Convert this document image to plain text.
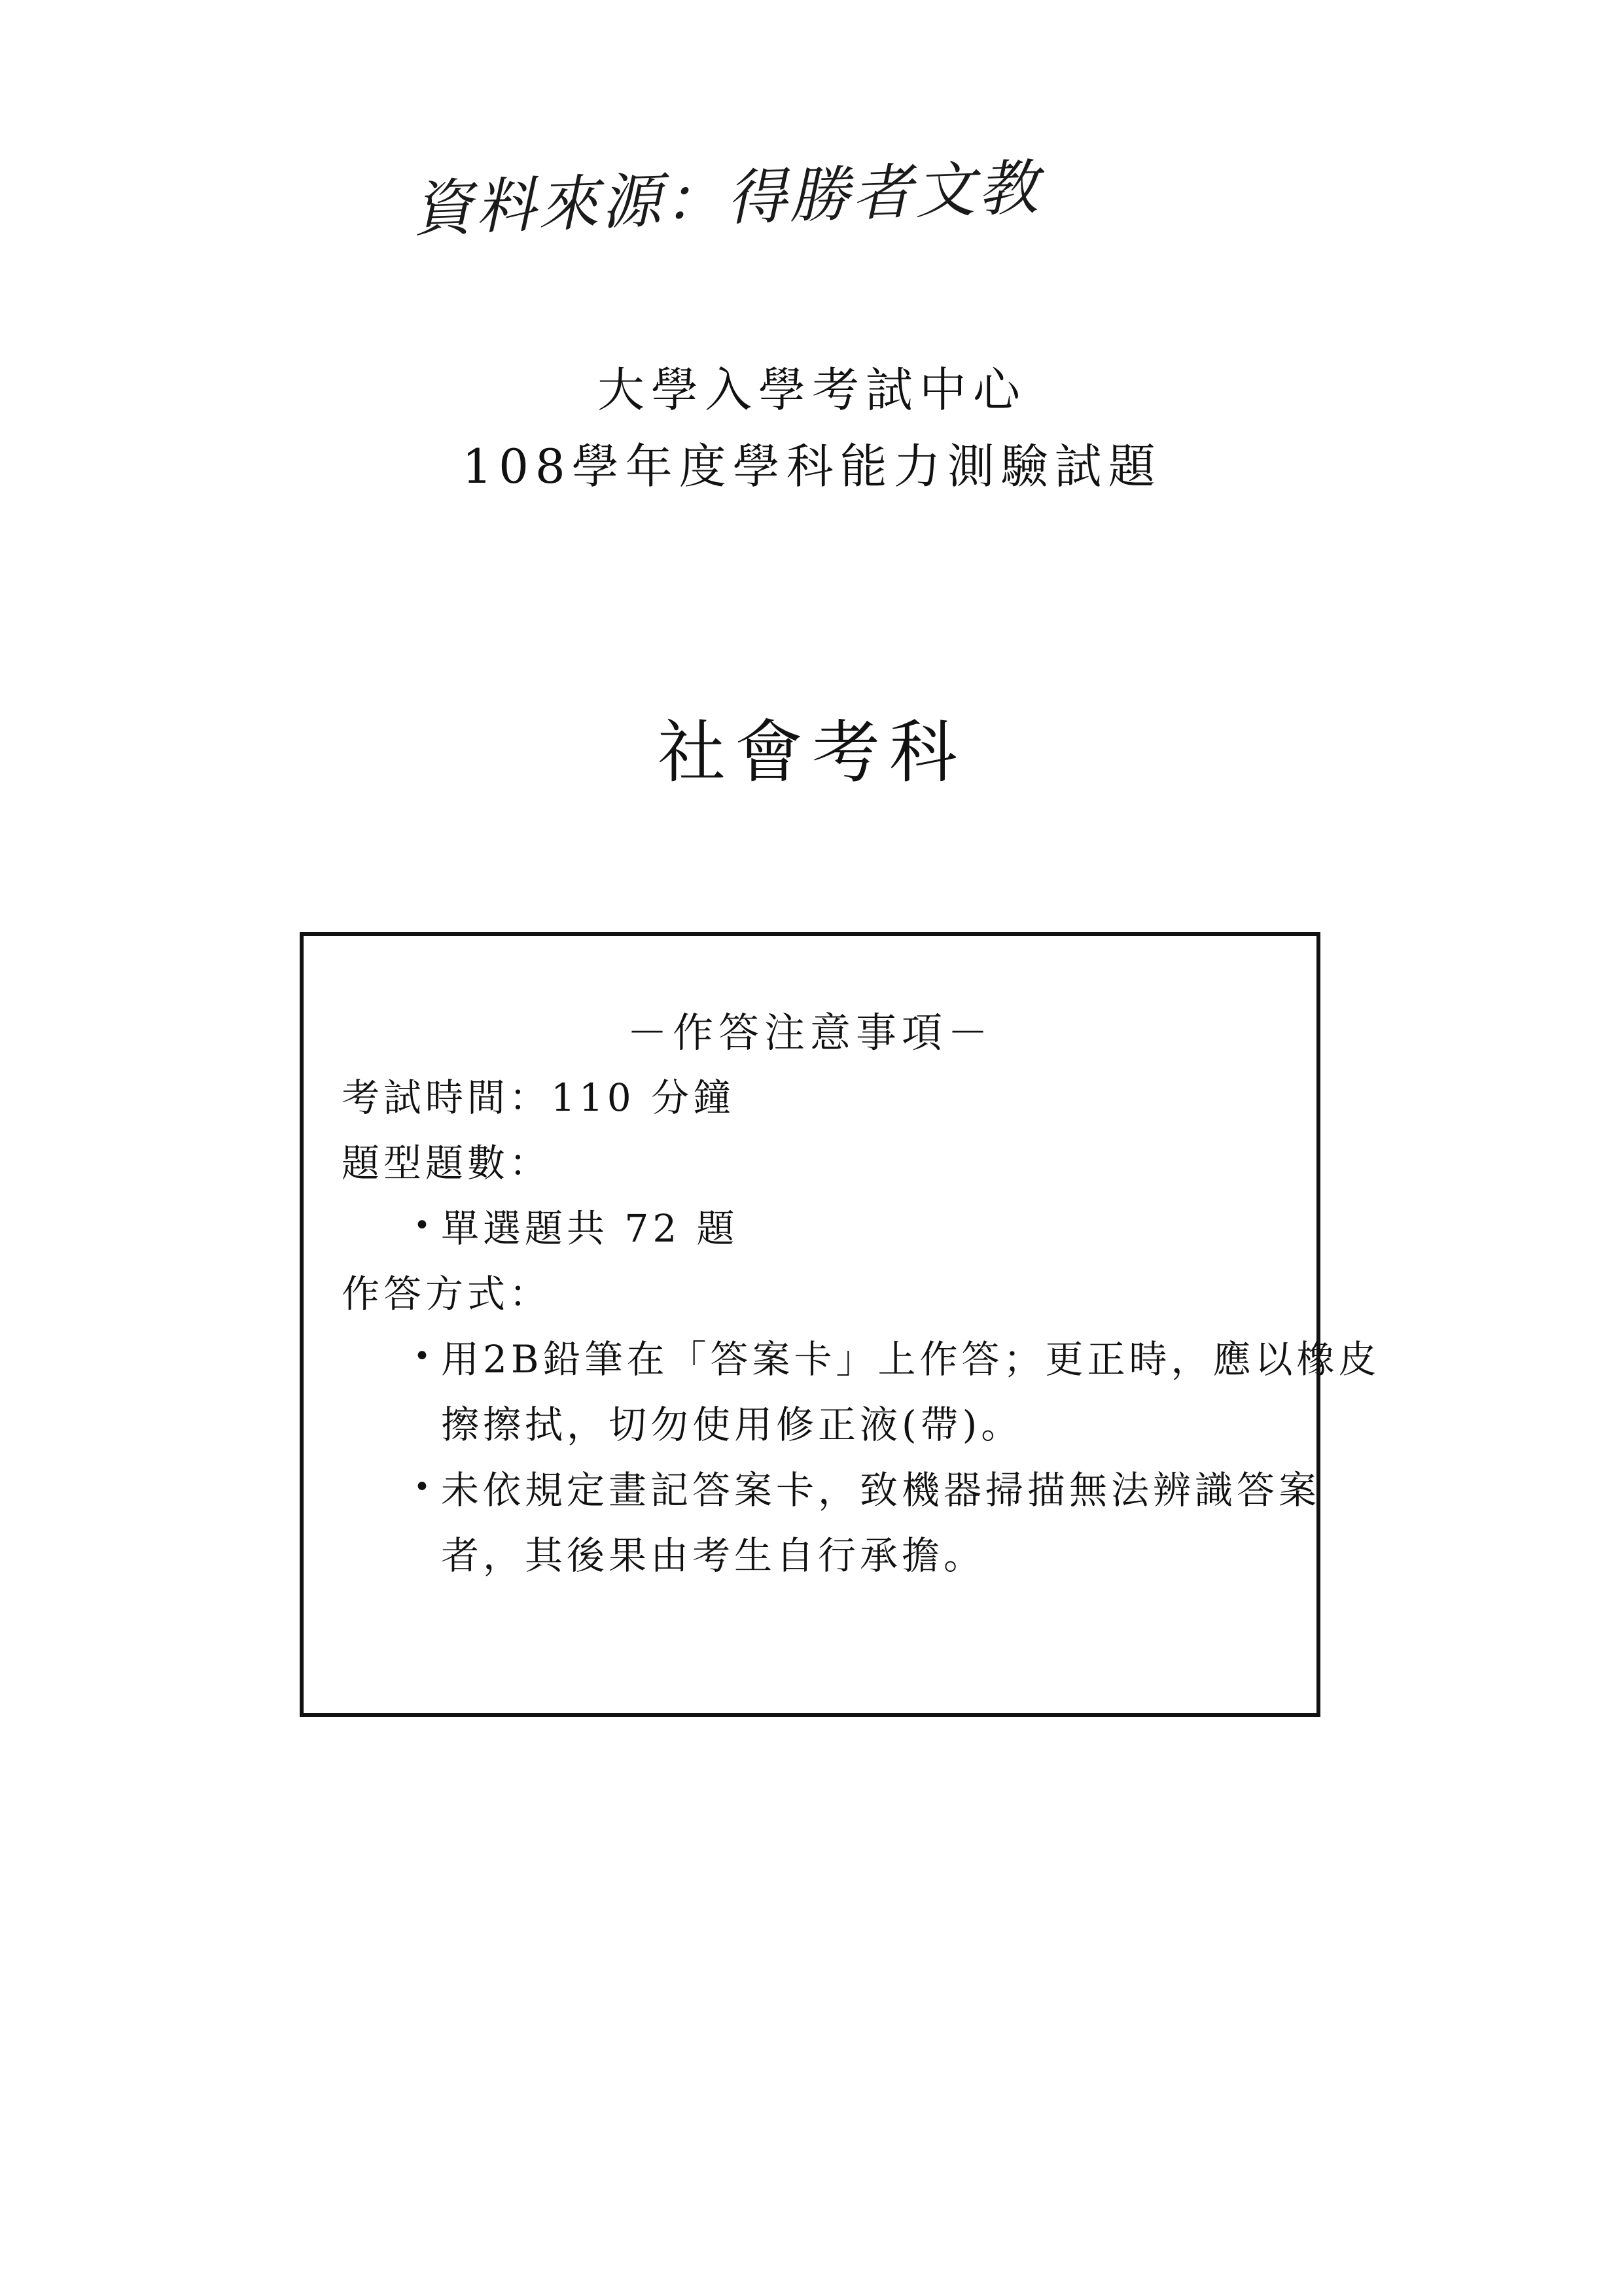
資料來源：得勝者文教
大學入學考試中心
108學年度學科能力測驗試題
社會考科
－作答注意事項－
考試時間：110 分鐘
題型題數：
• 單選題共 72 題
作答方式：
• 用2B鉛筆在「答案卡」上作答；更正時，應以橡皮
擦擦拭，切勿使用修正液(帶)。
• 未依規定畫記答案卡，致機器掃描無法辨識答案
者，其後果由考生自行承擔。
